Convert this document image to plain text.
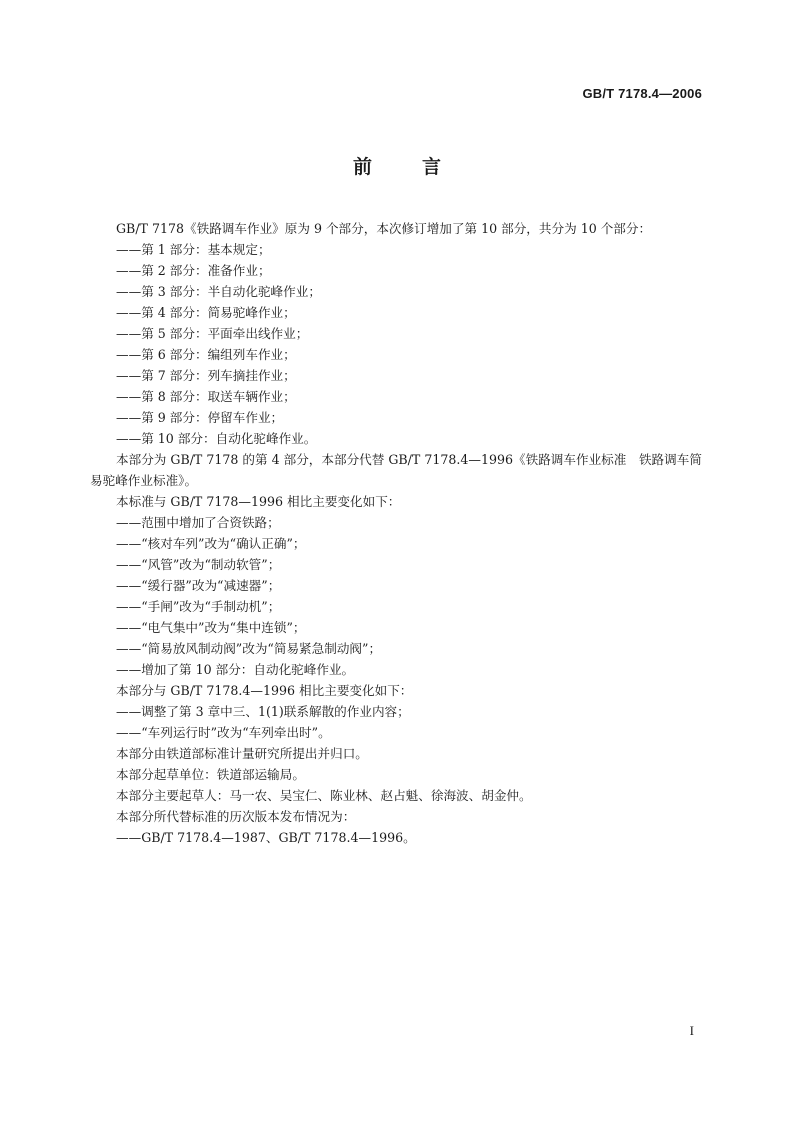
GB/T 7178.4—2006
前	言

GB/T 7178《铁路调车作业》原为 9 个部分，本次修订增加了第 10 部分，共分为 10 个部分：

——第 1 部分：基本规定；

——第 2 部分：准备作业；

——第 3 部分：半自动化驼峰作业；

——第 4 部分：简易驼峰作业；

——第 5 部分：平面牵出线作业；

——第 6 部分：编组列车作业；

——第 7 部分：列车摘挂作业；

——第 8 部分：取送车辆作业；

——第 9 部分：停留车作业；

——第 10 部分：自动化驼峰作业。

本部分为 GB/T 7178 的第 4 部分，本部分代替 GB/T 7178.4—1996《铁路调车作业标准　铁路调车简易驼峰作业标准》。

本标准与 GB/T 7178—1996 相比主要变化如下：

——范围中增加了合资铁路；

——“核对车列”改为“确认正确”；

——“风管”改为“制动软管”；

——“缓行器”改为“减速器”；

——“手闸”改为“手制动机”；

——“电气集中”改为“集中连锁”；

——“简易放风制动阀”改为“简易紧急制动阀”；

——增加了第 10 部分：自动化驼峰作业。

本部分与 GB/T 7178.4—1996 相比主要变化如下：

——调整了第 3 章中三、1(1)联系解散的作业内容；

——“车列运行时”改为“车列牵出时”。

本部分由铁道部标准计量研究所提出并归口。

本部分起草单位：铁道部运输局。

本部分主要起草人：马一农、吴宝仁、陈业林、赵占魁、徐海波、胡金仲。

本部分所代替标准的历次版本发布情况为：

——GB/T 7178.4—1987、GB/T 7178.4—1996。

I
